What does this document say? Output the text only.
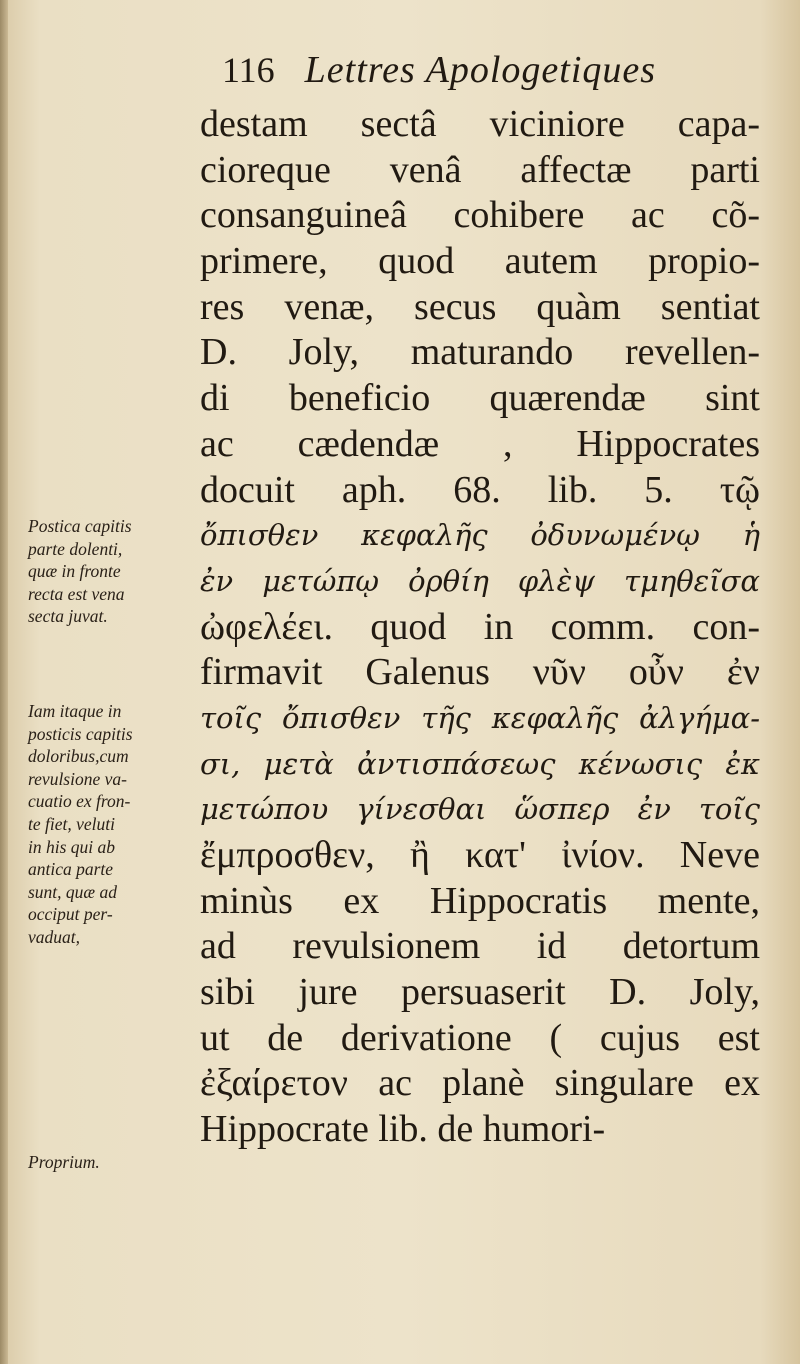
116 Lettres Apologetiques
destam sectâ viciniore capa-
cioreque venâ affectæ parti
consanguineâ cohibere ac cõ-
primere, quod autem propio-
res venæ, secus quàm sentiat
D. Joly, maturando revellen-
di beneficio quærendæ sint
ac cædendæ , Hippocrates
docuit aph. 68. lib. 5. τῷ
ὄπισθεν κεφαλῆς ὀδυνωμένῳ ἡ
ἐν μετώπῳ ὀρθίη φλὲψ τμηθεῖσα
ὠφελέει. quod in comm. con-
firmavit Galenus νῦν οὖν ἐν
τοῖς ὄπισθεν τῆς κεφαλῆς ἀλγήμα-
σι, μετὰ ἀντισπάσεως κένωσις ἐκ
μετώπου γίνεσθαι ὥσπερ ἐν τοῖς
ἔμπροσθεν, ἢ κατ' ἰνίον. Neve
minùs ex Hippocratis mente,
ad revulsionem id detortum
sibi jure persuaserit D. Joly,
ut de derivatione ( cujus est
ἐξαίρετον ac planè singulare ex
Hippocrate lib. de humori-
Postica capitis
parte dolenti,
quæ in fronte
recta est vena
secta juvat.
Iam itaque in
posticis capitis
doloribus,cum
revulsione va-
cuatio ex fron-
te fiet, veluti
in his qui ab
antica parte
sunt, quæ ad
occiput per-
vaduat,
Proprium.
